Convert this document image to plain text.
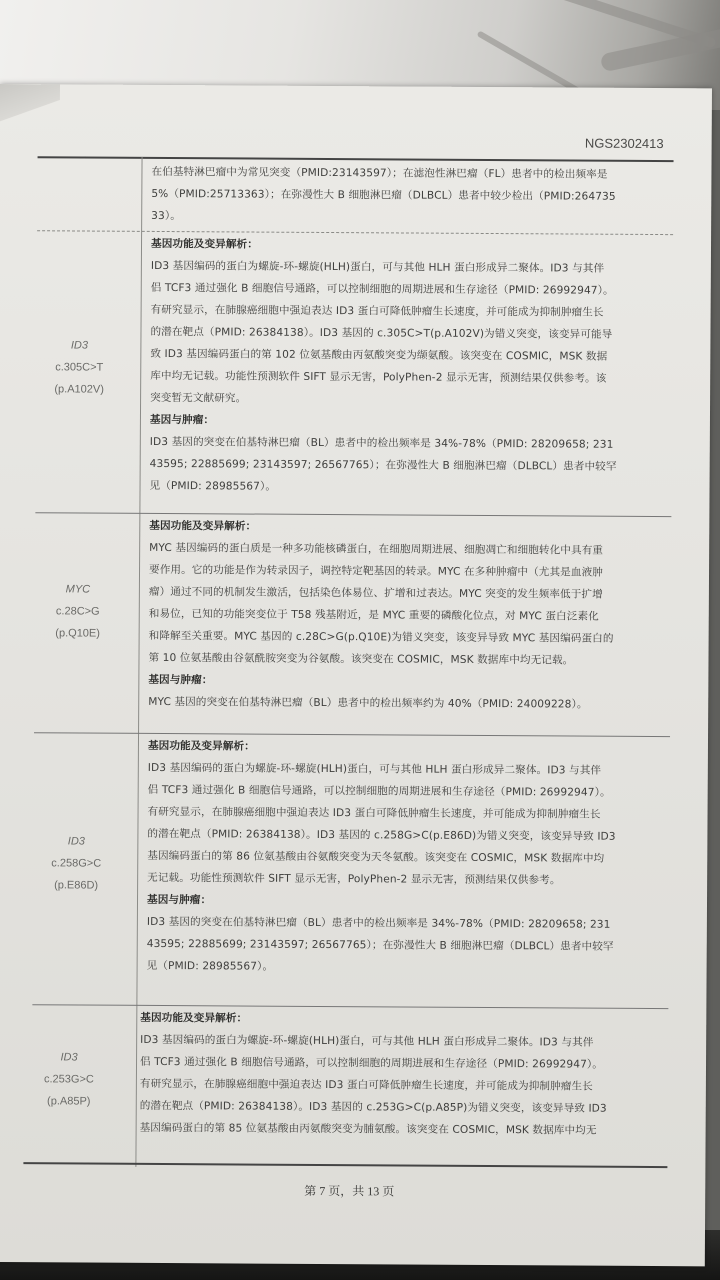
NGS2302413

在伯基特淋巴瘤中为常见突变（PMID:23143597）；在滤泡性淋巴瘤（FL）患者中的检出频率是

5%（PMID:25713363）；在弥漫性大 B 细胞淋巴瘤（DLBCL）患者中较少检出（PMID:264735

33）。

ID3
c.305C>T
(p.A102V)

基因功能及变异解析：

ID3 基因编码的蛋白为螺旋-环-螺旋(HLH)蛋白，可与其他 HLH 蛋白形成异二聚体。ID3 与其伴

侣 TCF3 通过强化 B 细胞信号通路，可以控制细胞的周期进展和生存途径（PMID: 26992947）。

有研究显示，在肺腺癌细胞中强迫表达 ID3 蛋白可降低肿瘤生长速度，并可能成为抑制肿瘤生长

的潜在靶点（PMID: 26384138）。ID3 基因的 c.305C>T(p.A102V)为错义突变，该变异可能导

致 ID3 基因编码蛋白的第 102 位氨基酸由丙氨酸突变为缬氨酸。该突变在 COSMIC，MSK 数据

库中均无记载。功能性预测软件 SIFT 显示无害，PolyPhen-2 显示无害，预测结果仅供参考。该

突变暂无文献研究。

基因与肿瘤：

ID3 基因的突变在伯基特淋巴瘤（BL）患者中的检出频率是 34%-78%（PMID: 28209658; 231

43595; 22885699; 23143597; 26567765）；在弥漫性大 B 细胞淋巴瘤（DLBCL）患者中较罕

见（PMID: 28985567）。

MYC
c.28C>G
(p.Q10E)

基因功能及变异解析：

MYC 基因编码的蛋白质是一种多功能核磷蛋白，在细胞周期进展、细胞凋亡和细胞转化中具有重

要作用。它的功能是作为转录因子，调控特定靶基因的转录。MYC 在多种肿瘤中（尤其是血液肿

瘤）通过不同的机制发生激活，包括染色体易位、扩增和过表达。MYC 突变的发生频率低于扩增

和易位，已知的功能突变位于 T58 残基附近，是 MYC 重要的磷酸化位点，对 MYC 蛋白泛素化

和降解至关重要。MYC 基因的 c.28C>G(p.Q10E)为错义突变，该变异导致 MYC 基因编码蛋白的

第 10 位氨基酸由谷氨酰胺突变为谷氨酸。该突变在 COSMIC，MSK 数据库中均无记载。

基因与肿瘤：

MYC 基因的突变在伯基特淋巴瘤（BL）患者中的检出频率约为 40%（PMID: 24009228）。

ID3
c.258G>C
(p.E86D)

基因功能及变异解析：

ID3 基因编码的蛋白为螺旋-环-螺旋(HLH)蛋白，可与其他 HLH 蛋白形成异二聚体。ID3 与其伴

侣 TCF3 通过强化 B 细胞信号通路，可以控制细胞的周期进展和生存途径（PMID: 26992947）。

有研究显示，在肺腺癌细胞中强迫表达 ID3 蛋白可降低肿瘤生长速度，并可能成为抑制肿瘤生长

的潜在靶点（PMID: 26384138）。ID3 基因的 c.258G>C(p.E86D)为错义突变，该变异导致 ID3

基因编码蛋白的第 86 位氨基酸由谷氨酸突变为天冬氨酸。该突变在 COSMIC，MSK 数据库中均

无记载。功能性预测软件 SIFT 显示无害，PolyPhen-2 显示无害，预测结果仅供参考。

基因与肿瘤：

ID3 基因的突变在伯基特淋巴瘤（BL）患者中的检出频率是 34%-78%（PMID: 28209658; 231

43595; 22885699; 23143597; 26567765）；在弥漫性大 B 细胞淋巴瘤（DLBCL）患者中较罕

见（PMID: 28985567）。

ID3
c.253G>C
(p.A85P)

基因功能及变异解析：

ID3 基因编码的蛋白为螺旋-环-螺旋(HLH)蛋白，可与其他 HLH 蛋白形成异二聚体。ID3 与其伴

侣 TCF3 通过强化 B 细胞信号通路，可以控制细胞的周期进展和生存途径（PMID: 26992947）。

有研究显示，在肺腺癌细胞中强迫表达 ID3 蛋白可降低肿瘤生长速度，并可能成为抑制肿瘤生长

的潜在靶点（PMID: 26384138）。ID3 基因的 c.253G>C(p.A85P)为错义突变，该变异导致 ID3

基因编码蛋白的第 85 位氨基酸由丙氨酸突变为脯氨酸。该突变在 COSMIC，MSK 数据库中均无

第 7 页，共 13 页
